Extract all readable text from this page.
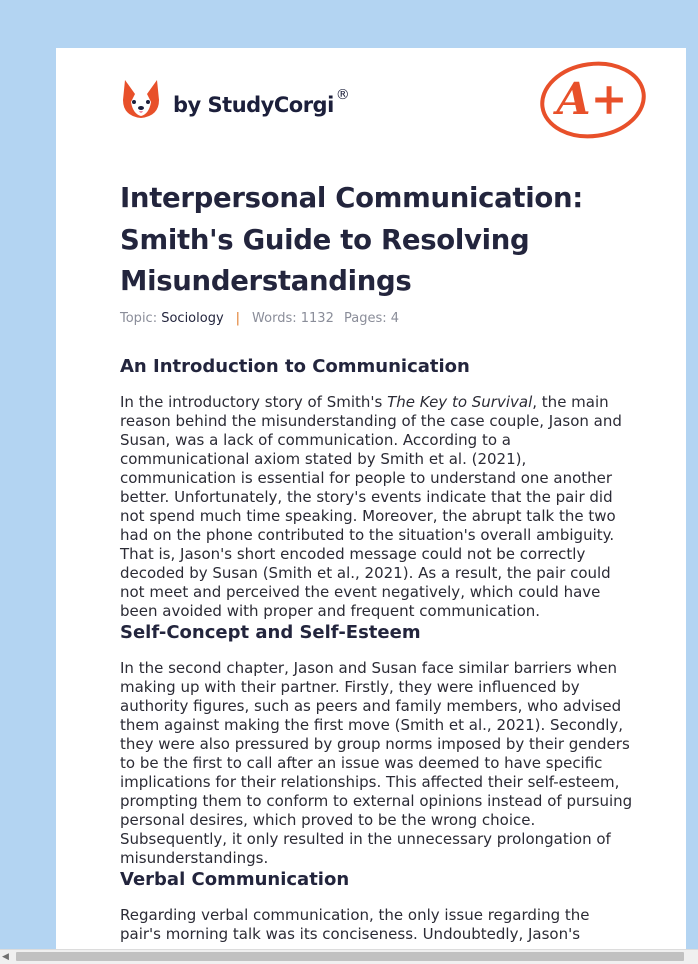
by StudyCorgi ®	A+
Interpersonal Communication: Smith's Guide to Resolving Misunderstandings
Topic: Sociology | Words: 1132 Pages: 4
An Introduction to Communication

In the introductory story of Smith's The Key to Survival, the main reason behind the misunderstanding of the case couple, Jason and Susan, was a lack of communication. According to a communicational axiom stated by Smith et al. (2021), communication is essential for people to understand one another better. Unfortunately, the story's events indicate that the pair did not spend much time speaking. Moreover, the abrupt talk the two had on the phone contributed to the situation's overall ambiguity. That is, Jason's short encoded message could not be correctly decoded by Susan (Smith et al., 2021). As a result, the pair could not meet and perceived the event negatively, which could have been avoided with proper and frequent communication.

Self-Concept and Self-Esteem

In the second chapter, Jason and Susan face similar barriers when making up with their partner. Firstly, they were influenced by authority figures, such as peers and family members, who advised them against making the first move (Smith et al., 2021). Secondly, they were also pressured by group norms imposed by their genders to be the first to call after an issue was deemed to have specific implications for their relationships. This affected their self-esteem, prompting them to conform to external opinions instead of pursuing personal desires, which proved to be the wrong choice. Subsequently, it only resulted in the unnecessary prolongation of misunderstandings.

Verbal Communication

Regarding verbal communication, the only issue regarding the pair's morning talk was its conciseness. Undoubtedly, Jason's

◀
